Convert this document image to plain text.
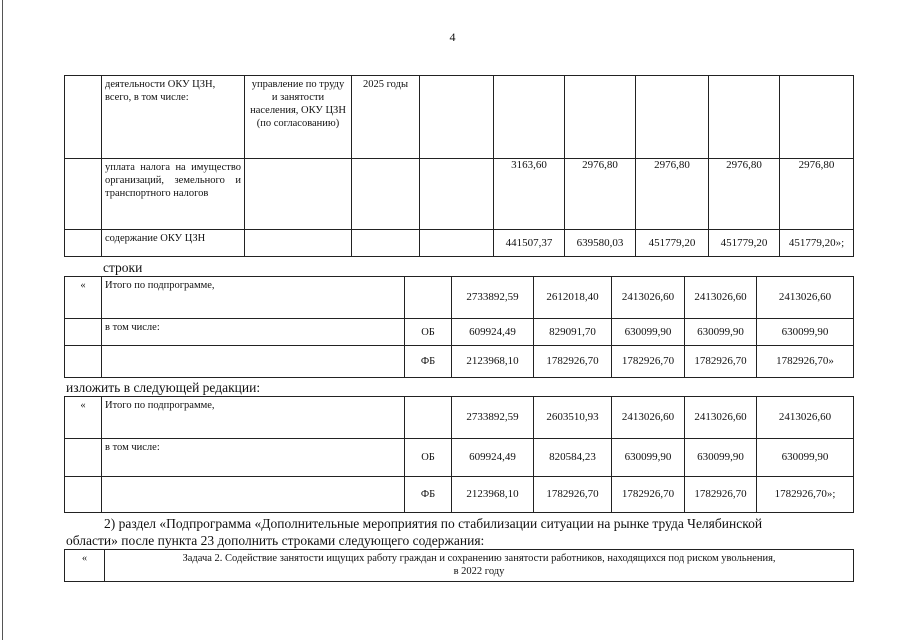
4
	деятельности ОКУ ЦЗН, всего, в том числе:	управление по труду и занятости населения, ОКУ ЦЗН (по согласованию)	2025 годы						
	уплата налога на имущество организаций, земельного и транспортного налогов				3163,60	2976,80	2976,80	2976,80	2976,80
	содержание ОКУ ЦЗН				441507,37	639580,03	451779,20	451779,20	451779,20»;
строки
«	Итого по подпрограмме,		2733892,59	2612018,40	2413026,60	2413026,60	2413026,60
	в том числе:	ОБ	609924,49	829091,70	630099,90	630099,90	630099,90
		ФБ	2123968,10	1782926,70	1782926,70	1782926,70	1782926,70»
изложить в следующей редакции:
«	Итого по подпрограмме,		2733892,59	2603510,93	2413026,60	2413026,60	2413026,60
	в том числе:	ОБ	609924,49	820584,23	630099,90	630099,90	630099,90
		ФБ	2123968,10	1782926,70	1782926,70	1782926,70	1782926,70»;
2) раздел «Подпрограмма «Дополнительные мероприятия по стабилизации ситуации на рынке труда Челябинской
области» после пункта 23 дополнить строками следующего содержания:
«	Задача 2. Содействие занятости ищущих работу граждан и сохранению занятости работников, находящихся под риском увольнения,
в 2022 году
